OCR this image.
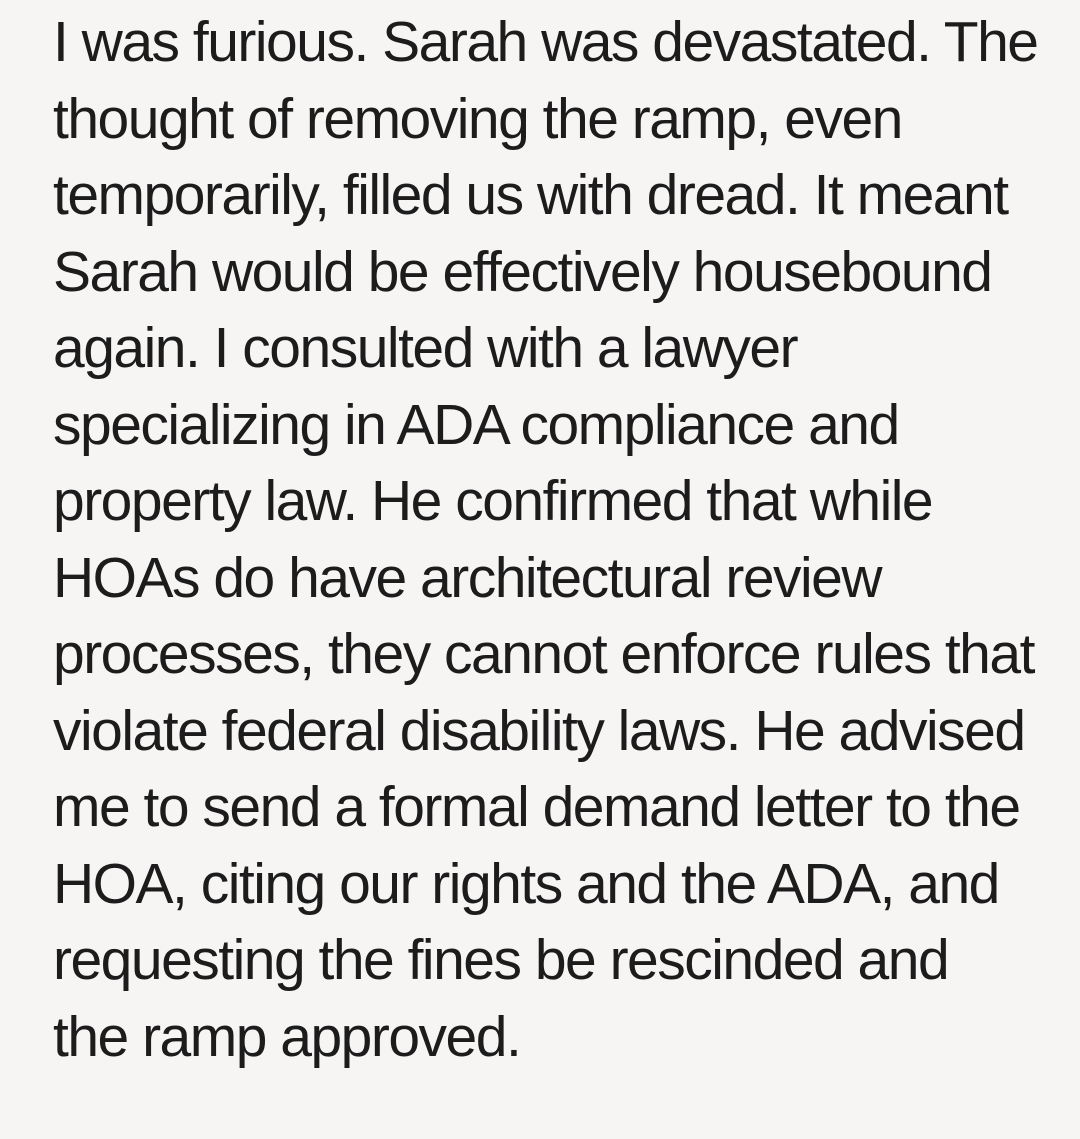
I was furious. Sarah was devastated. The
thought of removing the ramp, even
temporarily, filled us with dread. It meant
Sarah would be effectively housebound
again. I consulted with a lawyer
specializing in ADA compliance and
property law. He confirmed that while
HOAs do have architectural review
processes, they cannot enforce rules that
violate federal disability laws. He advised
me to send a formal demand letter to the
HOA, citing our rights and the ADA, and
requesting the fines be rescinded and
the ramp approved.
